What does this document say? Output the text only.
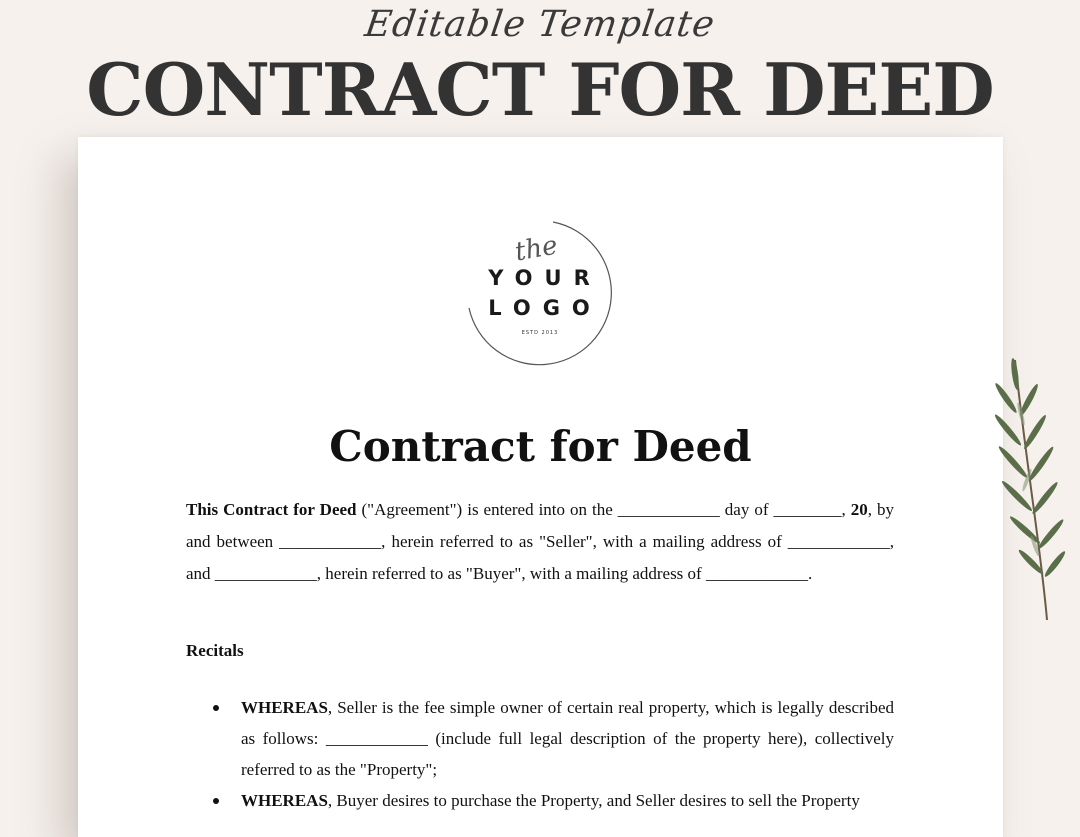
Editable Template
CONTRACT FOR DEED
the
YOUR
LOGO
ESTD 2013
Contract for Deed
This Contract for Deed ("Agreement") is entered into on the ____________ day of ________, 20, by and between ____________, herein referred to as "Seller", with a mailing address of ____________, and ____________, herein referred to as "Buyer", with a mailing address of ____________.
Recitals
WHEREAS, Seller is the fee simple owner of certain real property, which is legally described as follows: ____________ (include full legal description of the property here), collectively referred to as the "Property";
WHEREAS, Buyer desires to purchase the Property, and Seller desires to sell the Property
